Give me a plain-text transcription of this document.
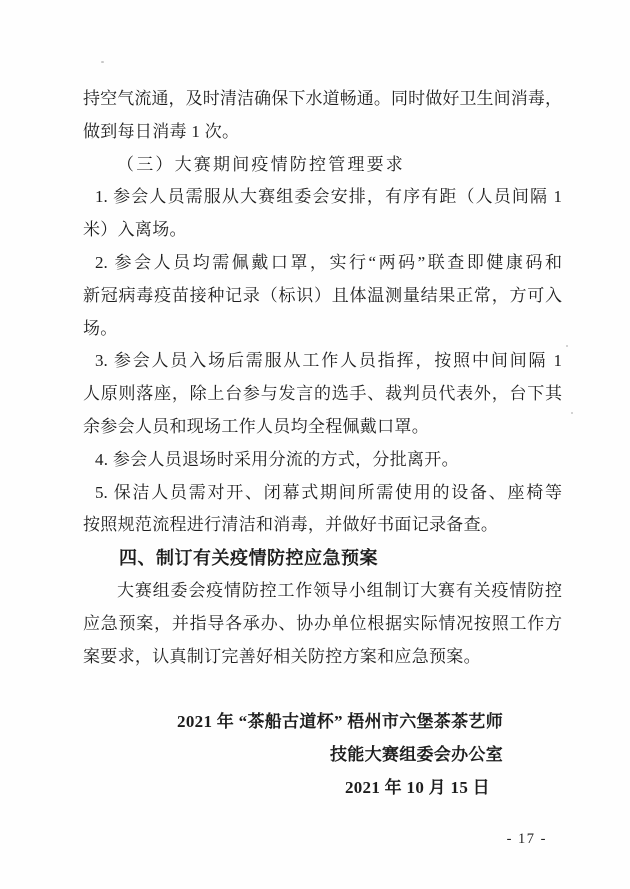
持空气流通，及时清洁确保下水道畅通。同时做好卫生间消毒，
做到每日消毒 1 次。
（三）大赛期间疫情防控管理要求
1. 参会人员需服从大赛组委会安排，有序有距（人员间隔 1
米）入离场。
2. 参会人员均需佩戴口罩，实行“两码”联查即健康码和
新冠病毒疫苗接种记录（标识）且体温测量结果正常，方可入
场。
3. 参会人员入场后需服从工作人员指挥，按照中间间隔 1
人原则落座，除上台参与发言的选手、裁判员代表外，台下其
余参会人员和现场工作人员均全程佩戴口罩。
4. 参会人员退场时采用分流的方式，分批离开。
5. 保洁人员需对开、闭幕式期间所需使用的设备、座椅等
按照规范流程进行清洁和消毒，并做好书面记录备查。
四、制订有关疫情防控应急预案
大赛组委会疫情防控工作领导小组制订大赛有关疫情防控
应急预案，并指导各承办、协办单位根据实际情况按照工作方
案要求，认真制订完善好相关防控方案和应急预案。
2021 年 “茶船古道杯” 梧州市六堡茶茶艺师
技能大赛组委会办公室
2021 年 10 月 15 日
- 17 -
